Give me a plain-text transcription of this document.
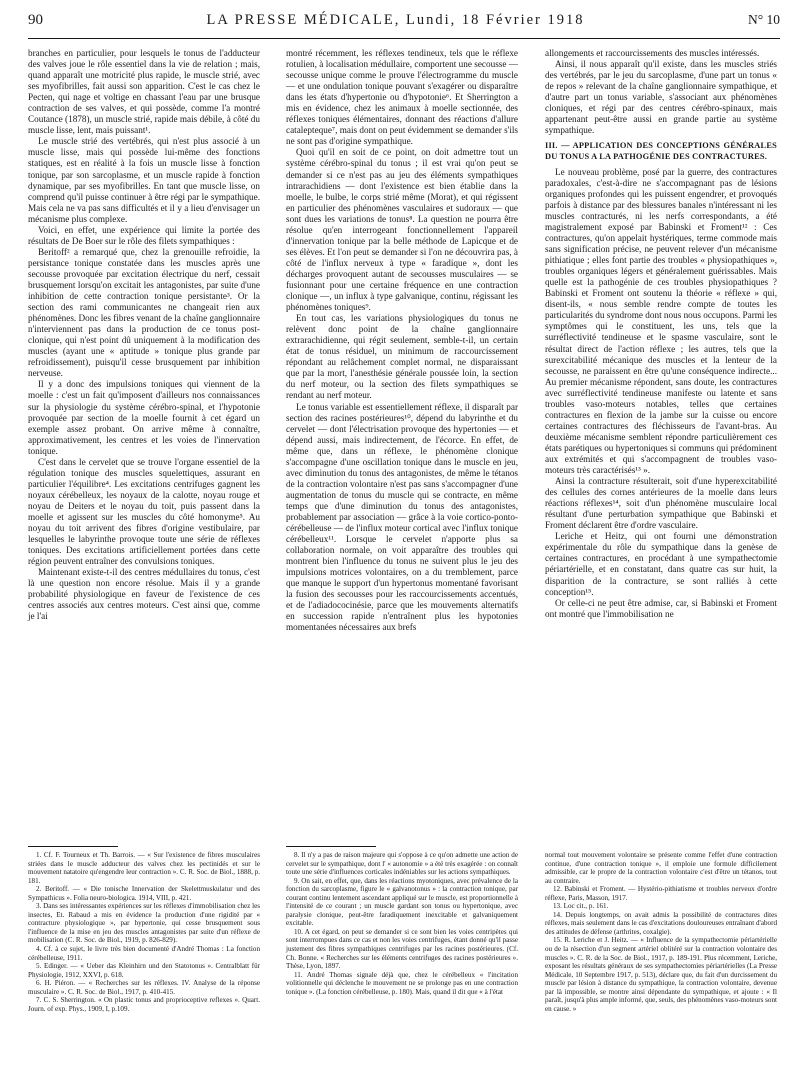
90	LA PRESSE MÉDICALE, Lundi, 18 Février 1918	N° 10

branches en particulier, pour lesquels le tonus de l'adducteur des valves joue le rôle essentiel dans la vie de relation ; mais, quand apparaît une motricité plus rapide, le muscle strié, avec ses myofibrilles, fait aussi son apparition. C'est le cas chez le Pecten, qui nage et voltige en chassant l'eau par une brusque contraction de ses valves, et qui possède, comme l'a montré Coutance (1878), un muscle strié, rapide mais débile, à côté du muscle lisse, lent, mais puissant¹.

Le muscle strié des vertébrés, qui n'est plus associé à un muscle lisse, mais qui possède lui-même des fonctions statiques, est en réalité à la fois un muscle lisse à fonction tonique, par son sarcoplasme, et un muscle rapide à fonction dynamique, par ses myofibrilles. En tant que muscle lisse, on comprend qu'il puisse continuer à être régi par le sympathique. Mais cela ne va pas sans difficultés et il y a lieu d'envisager un mécanisme plus complexe.

Voici, en effet, une expérience qui limite la portée des résultats de De Boer sur le rôle des filets sympathiques :

Beritoff² a remarqué que, chez la grenouille refroidie, la persistance tonique constatée dans les muscles après une secousse provoquée par excitation électrique du nerf, cessait brusquement lorsqu'on excitait les antagonistes, par suite d'une inhibition de cette contraction tonique persistante³. Or la section des rami communicantes ne changeait rien aux phénomènes. Donc les fibres venant de la chaîne ganglionnaire n'interviennent pas dans la production de ce tonus post-clonique, qui n'est point dû uniquement à la modification des muscles (ayant une « aptitude » tonique plus grande par refroidissement), puisqu'il cesse brusquement par inhibition nerveuse.

Il y a donc des impulsions toniques qui viennent de la moelle : c'est un fait qu'imposent d'ailleurs nos connaissances sur la physiologie du système cérébro-spinal, et l'hypotonie provoquée par section de la moelle fournit à cet égard un exemple assez probant. On arrive même à connaître, approximativement, les centres et les voies de l'innervation tonique.

C'est dans le cervelet que se trouve l'organe essentiel de la régulation tonique des muscles squelettiques, assurant en particulier l'équilibre⁴. Les excitations centrifuges gagnent les noyaux cérébelleux, les noyaux de la calotte, noyau rouge et noyau de Deiters et le noyau du toit, puis passent dans la moelle et agissent sur les muscles du côté homonyme⁵. Au noyau du toit arrivent des fibres d'origine vestibulaire, par lesquelles le labyrinthe provoque toute une série de réflexes toniques. Des excitations artificiellement portées dans cette région peuvent entraîner des convulsions toniques.

Maintenant existe-t-il des centres médullaires du tonus, c'est là une question non encore résolue. Mais il y a grande probabilité physiologique en faveur de l'existence de ces centres associés aux centres moteurs. C'est ainsi que, comme je l'ai

montré récemment, les réflexes tendineux, tels que le réflexe rotulien, à localisation médullaire, comportent une secousse — secousse unique comme le prouve l'électrogramme du muscle — et une ondulation tonique pouvant s'exagérer ou disparaître dans les états d'hypertonie ou d'hypotonie⁶. Et Sherrington a mis en évidence, chez les animaux à moelle sectionnée, des réflexes toniques élémentaires, donnant des réactions d'allure catalepteque⁷, mais dont on peut évidemment se demander s'ils ne sont pas d'origine sympathique.

Quoi qu'il en soit de ce point, on doit admettre tout un système cérébro-spinal du tonus ; il est vrai qu'on peut se demander si ce n'est pas au jeu des éléments sympathiques intrarachidiens — dont l'existence est bien établie dans la moelle, le bulbe, le corps strié même (Morat), et qui régissent en particulier des phénomènes vasculaires et sudoraux — que sont dues les variations de tonus⁸. La question ne pourra être résolue qu'en interrogeant fonctionnellement l'appareil d'innervation tonique par la belle méthode de Lapicque et de ses élèves. Et l'on peut se demander si l'on ne découvrira pas, à côté de l'influx nerveux à type « faradique », dont les décharges provoquent autant de secousses musculaires — se fusionnant pour une certaine fréquence en une contraction clonique —, un influx à type galvanique, continu, régissant les phénomènes toniques⁹.

En tout cas, les variations physiologiques du tonus ne relèvent donc point de la chaîne ganglionnaire extrarachidienne, qui régit seulement, semble-t-il, un certain état de tonus résiduel, un minimum de raccourcissement répondant au relâchement complet normal, ne disparaissant que par la mort, l'anesthésie générale poussée loin, la section du nerf moteur, ou la section des filets sympathiques se rendant au nerf moteur.

Le tonus variable est essentiellement réflexe, il disparaît par section des racines postérieures¹⁰, dépend du labyrinthe et du cervelet — dont l'électrisation provoque des hypertonies — et dépend aussi, mais indirectement, de l'écorce. En effet, de même que, dans un réflexe, le phénomène clonique s'accompagne d'une oscillation tonique dans le muscle en jeu, avec diminution du tonus des antagonistes, de même le tétanos de la contraction volontaire n'est pas sans s'accompagner d'une augmentation de tonus du muscle qui se contracte, en même temps que d'une diminution du tonus des antagonistes, probablement par association — grâce à la voie cortico-ponto-cérébelleuse — de l'influx moteur cortical avec l'influx tonique cérébelleux¹¹. Lorsque le cervelet n'apporte plus sa collaboration normale, on voit apparaître des troubles qui montrent bien l'influence du tonus ne suivent plus le jeu des impulsions motrices volontaires, on a du tremblement, parce que manque le support d'un hypertonus momentané favorisant la fusion des secousses pour les raccourcissements accentués, et de l'adiadococinésie, parce que les mouvements alternatifs en succession rapide n'entraînent plus les hypotonies momentanées nécessaires aux brefs

allongements et raccourcissements des muscles intéressés.

Ainsi, il nous apparaît qu'il existe, dans les muscles striés des vertébrés, par le jeu du sarcoplasme, d'une part un tonus « de repos » relevant de la chaîne ganglionnaire sympathique, et d'autre part un tonus variable, s'associant aux phénomènes cloniques, et régi par des centres cérébro-spinaux, mais appartenant peut-être aussi en grande partie au système sympathique.

III. — APPLICATION DES CONCEPTIONS GÉNÉRALES DU TONUS A LA PATHOGÉNIE DES CONTRACTURES.

Le nouveau problème, posé par la guerre, des contractures paradoxales, c'est-à-dire ne s'accompagnant pas de lésions organiques profondes qui les puissent engendrer, et provoqués parfois à distance par des blessures banales n'intéressant ni les muscles contracturés, ni les nerfs correspondants, a été magistralement exposé par Babinski et Froment¹² : Ces contractures, qu'on appelait hystériques, terme commode mais sans signification précise, ne peuvent relever d'un mécanisme pithiatique ; elles font partie des troubles « physiopathiques », troubles organiques légers et généralement guérissables. Mais quelle est la pathogénie de ces troubles physiopathiques ? Babinski et Froment ont soutenu la théorie « réflexe » qui, disent-ils, « nous semble rendre compte de toutes les particularités du syndrome dont nous nous occupons. Parmi les symptômes qui le constituent, les uns, tels que la surréflectivité tendineuse et le spasme vasculaire, sont le résultat direct de l'action réflexe ; les autres, tels que la surexcitabilité mécanique des muscles et la lenteur de la secousse, ne paraissent en être qu'une conséquence indirecte... Au premier mécanisme répondent, sans doute, les contractures avec surréflectivité tendineuse manifeste ou latente et sans troubles vaso-moteurs notables, telles que certaines contractures en flexion de la jambe sur la cuisse ou encore certaines contractures des fléchisseurs de l'avant-bras. Au deuxième mécanisme semblent répondre particulièrement ces états parétiques ou hypertoniques si communs qui prédominent aux extrémités et qui s'accompagnent de troubles vaso-moteurs très caractérisés¹³ ».

Ainsi la contracture résulterait, soit d'une hyperexcitabilité des cellules des cornes antérieures de la moelle dans leurs réactions réflexes¹⁴, soit d'un phénomène musculaire local résultant d'une perturbation sympathique que Babinski et Froment déclarent être d'ordre vasculaire.

Leriche et Heitz, qui ont fourni une démonstration expérimentale du rôle du sympathique dans la genèse de certaines contractures, en procédant à une sympathectomie périartérielle, et en constatant, dans quatre cas sur huit, la disparition de la contracture, se sont ralliés à cette conception¹⁵.

Or celle-ci ne peut être admise, car, si Babinski et Froment ont montré que l'immobilisation ne

1. Cf. F. Tourneux et Th. Barrois. — « Sur l'existence de fibres musculaires striées dans le muscle adducteur des valves chez les pectinidés et sur le mouvement natatoire qu'engendre leur contraction ». C. R. Soc. de Biol., 1888, p. 181.

2. Beritoff. — « Die tonische Innervation der Skelettmuskulatur und des Sympathicus ». Folia neuro-biologica. 1914, VIII, p. 421.

3. Dans ses intéressantes expériences sur les réflexes d'immobilisation chez les insectes, Et. Rabaud a mis en évidence la production d'une rigidité par « contracture physiologique », par hypertonie, qui cesse brusquement sous l'influence de la mise en jeu des muscles antagonistes par suite d'un réflexe de mobilisation (C. R. Soc. de Biol., 1919, p. 826-829).

4. Cf. à ce sujet, le livre très bien documenté d'André Thomas : La fonction cérébelleuse, 1911.

5. Edinger. — « Ueber das Kleinhirn und den Statotonus ». Centralblatt für Physiologie, 1912, XXVI, p. 618.

6. H. Piéron. — « Recherches sur les réflexes. IV. Analyse de la réponse musculaire ». C. R. Soc. de Biol., 1917, p. 410-415.

7. C. S. Sherrington. « On plastic tonus and proprioceptive reflexes ». Quart. Journ. of exp. Phys., 1909, I, p.109.

8. Il n'y a pas de raison majeure qui s'oppose à ce qu'on admette une action de cervelet sur le sympathique, dont l' « autonomie » a été très exagérée : on connaît toute une série d'influences corticales indéniables sur les actions sympathiques.

9. On sait, en effet, que, dans les réactions myotoniques, avec prévalence de la fonction du sarcoplasme, figure le « galvanotonus » : la contraction tonique, par courant continu lentement ascendant appliqué sur le muscle, est proportionnelle à l'intensité de ce courant ; un muscle gardant son tonus ou hypertonique, avec paralysie clonique, peut-être faradiquement inexcitable et galvaniquement excitable.

10. A cet égard, on peut se demander si ce sont bien les voies centripètes qui sont interrompues dans ce cas et non les voies centrifuges, étant donné qu'il passe justement des fibres sympathiques centrifuges par les racines postérieures. (Cf. Ch. Bonne. « Recherches sur les éléments centrifuges des racines postérieures ». Thèse, Lyon, 1897.

11. André Thomas signale déjà que, chez le cérébelleux « l'incitation volitionnelle qui déclenche le mouvement ne se prolonge pas en une contraction tonique ». (La fonction cérébelleuse, p. 180). Mais, quand il dit que « à l'état

normal tout mouvement volontaire se présente comme l'effet d'une contraction continue, d'une contraction tonique », il emploie une formule difficilement admissible, car le propre de la contraction volontaire c'est d'être un tétanos, tout au contraire.

12. Babinski et Froment. — Hystério-pithiatisme et troubles nerveux d'ordre réflexe, Paris, Masson, 1917.

13. Loc cit., p. 161.

14. Depuis longtemps, on avait admis la possibilité de contractures dites réflexes, mais seulement dans le cas d'excitations douloureuses entraînant d'abord des attitudes de défense (arthrites, coxalgie).

15. R. Leriche et J. Heitz. — « Influence de la sympathectomie périartérielle ou de la résection d'un segment artériel oblitéré sur la contraction volontaire des muscles ». C. R. de la Soc. de Biol., 1917, p. 189-191. Plus récemment, Leriche, exposant les résultats généraux de ses sympathectomies périartérielles (La Presse Médicale, 10 Septembre 1917, p. 513), déclare que, du fait d'un durcissement du muscle par lésion à distance du sympathique, la contraction volontaire, devenue par là impossible, se montre ainsi dépendante du sympathique, et ajoute : « Il paraît, jusqu'à plus ample informé, que, seuls, des phénomènes vaso-moteurs sont en cause. »
